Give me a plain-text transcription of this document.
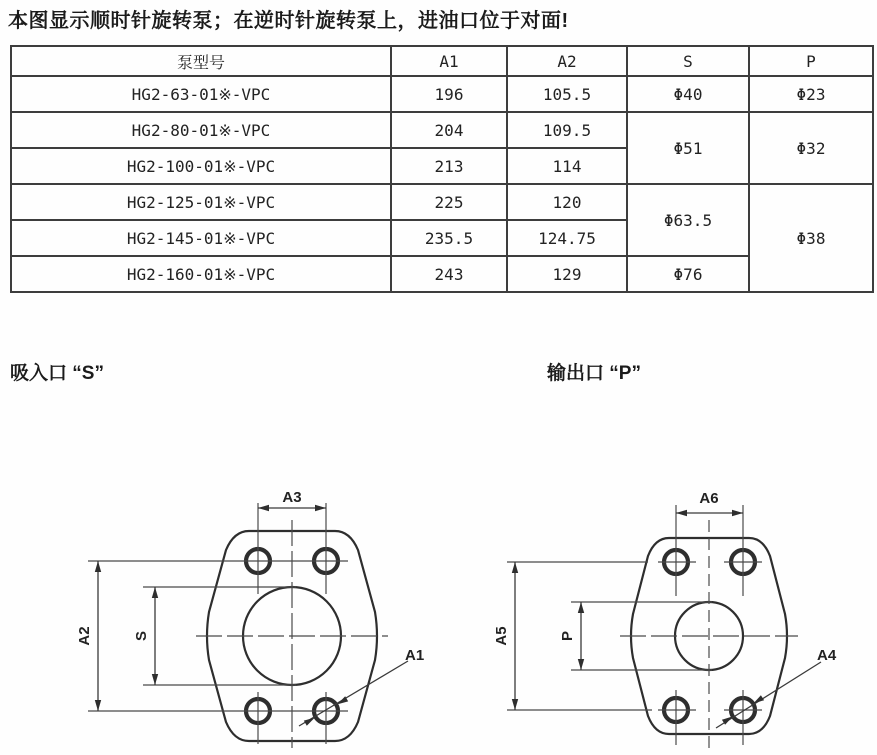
本图显示顺时针旋转泵；在逆时针旋转泵上，进油口位于对面!
泵型号	A1	A2	S	P
HG2-63-01※-VPC	196	105.5	Φ40	Φ23
HG2-80-01※-VPC	204	109.5	Φ51	Φ32
HG2-100-01※-VPC	213	114		
HG2-125-01※-VPC	225	120	Φ63.5	Φ38
HG2-145-01※-VPC	235.5	124.75		
HG2-160-01※-VPC	243	129	Φ76	
吸入口 “S”	输出口 “P”
A3
A2	S
A1
A6
A5	P
A4
